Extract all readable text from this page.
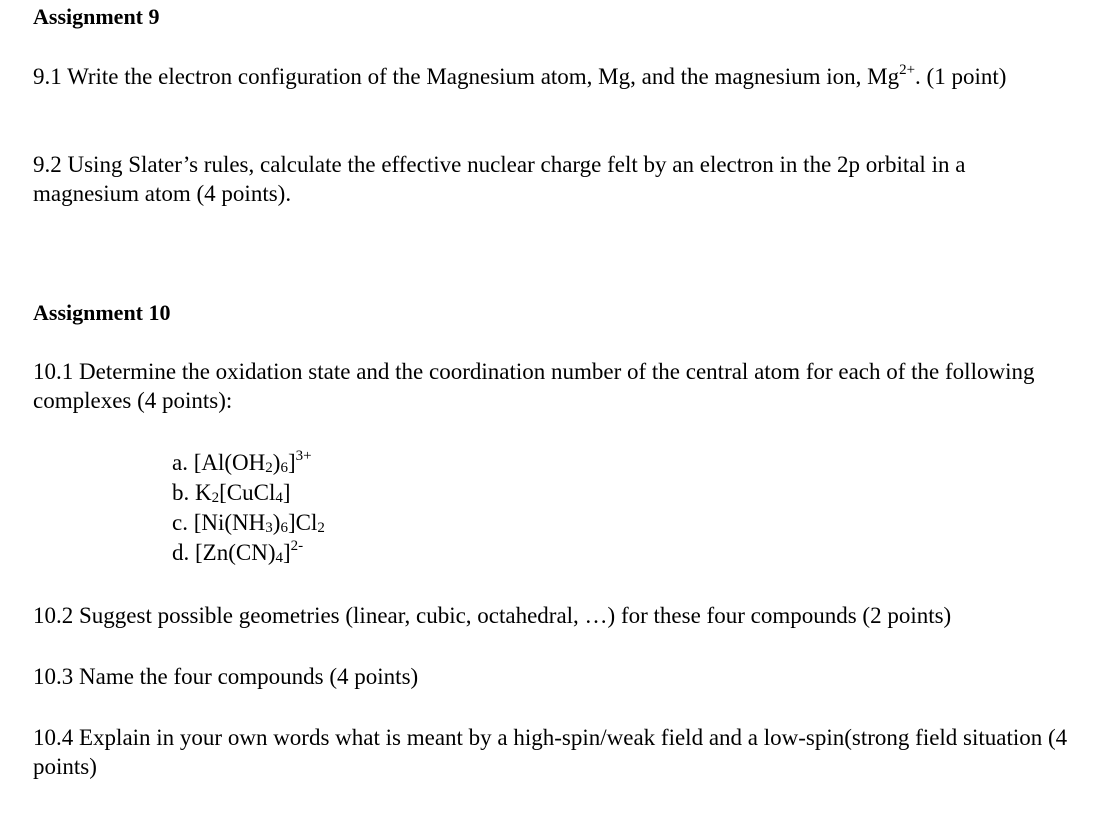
Assignment 9
9.1 Write the electron configuration of the Magnesium atom, Mg, and the magnesium ion, $Mg^{2+}$. (1 point)
9.2 Using Slater’s rules, calculate the effective nuclear charge felt by an electron in the 2p orbital in a magnesium atom (4 points).
Assignment 10
10.1 Determine the oxidation state and the coordination number of the central atom for each of the following complexes (4 points):
a. $[Al(OH_2)_6]^{3+}$
b. $K_2[CuCl_4]$
c. $[Ni(NH_3)_6]Cl_2$
d. $[Zn(CN)_4]^{2-}$
10.2 Suggest possible geometries (linear, cubic, octahedral, …) for these four compounds (2 points)
10.3 Name the four compounds (4 points)
10.4 Explain in your own words what is meant by a high-spin/weak field and a low-spin(strong field situation (4 points)
